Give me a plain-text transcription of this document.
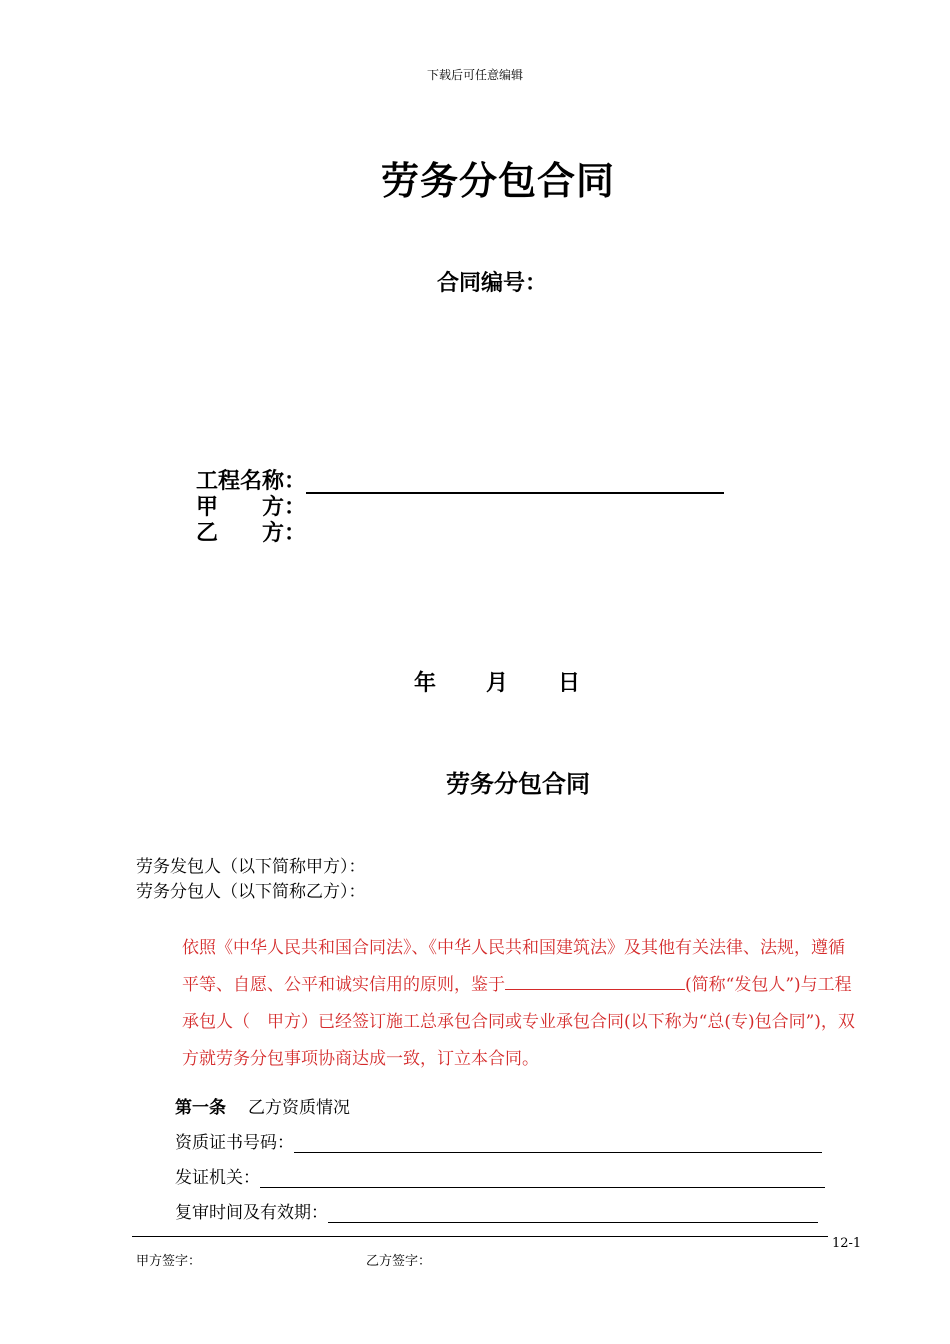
下载后可任意编辑
劳务分包合同
合同编号：
工程名称：
甲　　方：
乙　　方：
年 月 日
劳务分包合同
劳务发包人（以下简称甲方）：
劳务分包人（以下简称乙方）：

依照《中华人民共和国合同法》、《中华人民共和国建筑法》及其他有关法律、法规，遵循平等、自愿、公平和诚实信用的原则，鉴于	(简称“发包人”)与工程承包人（　甲方）已经签订施工总承包合同或专业承包合同(以下称为“总(专)包合同”)，双方就劳务分包事项协商达成一致，订立本合同。

第一条 乙方资质情况
资质证书号码：
发证机关：
复审时间及有效期：
12-1
甲方签字：	乙方签字：
